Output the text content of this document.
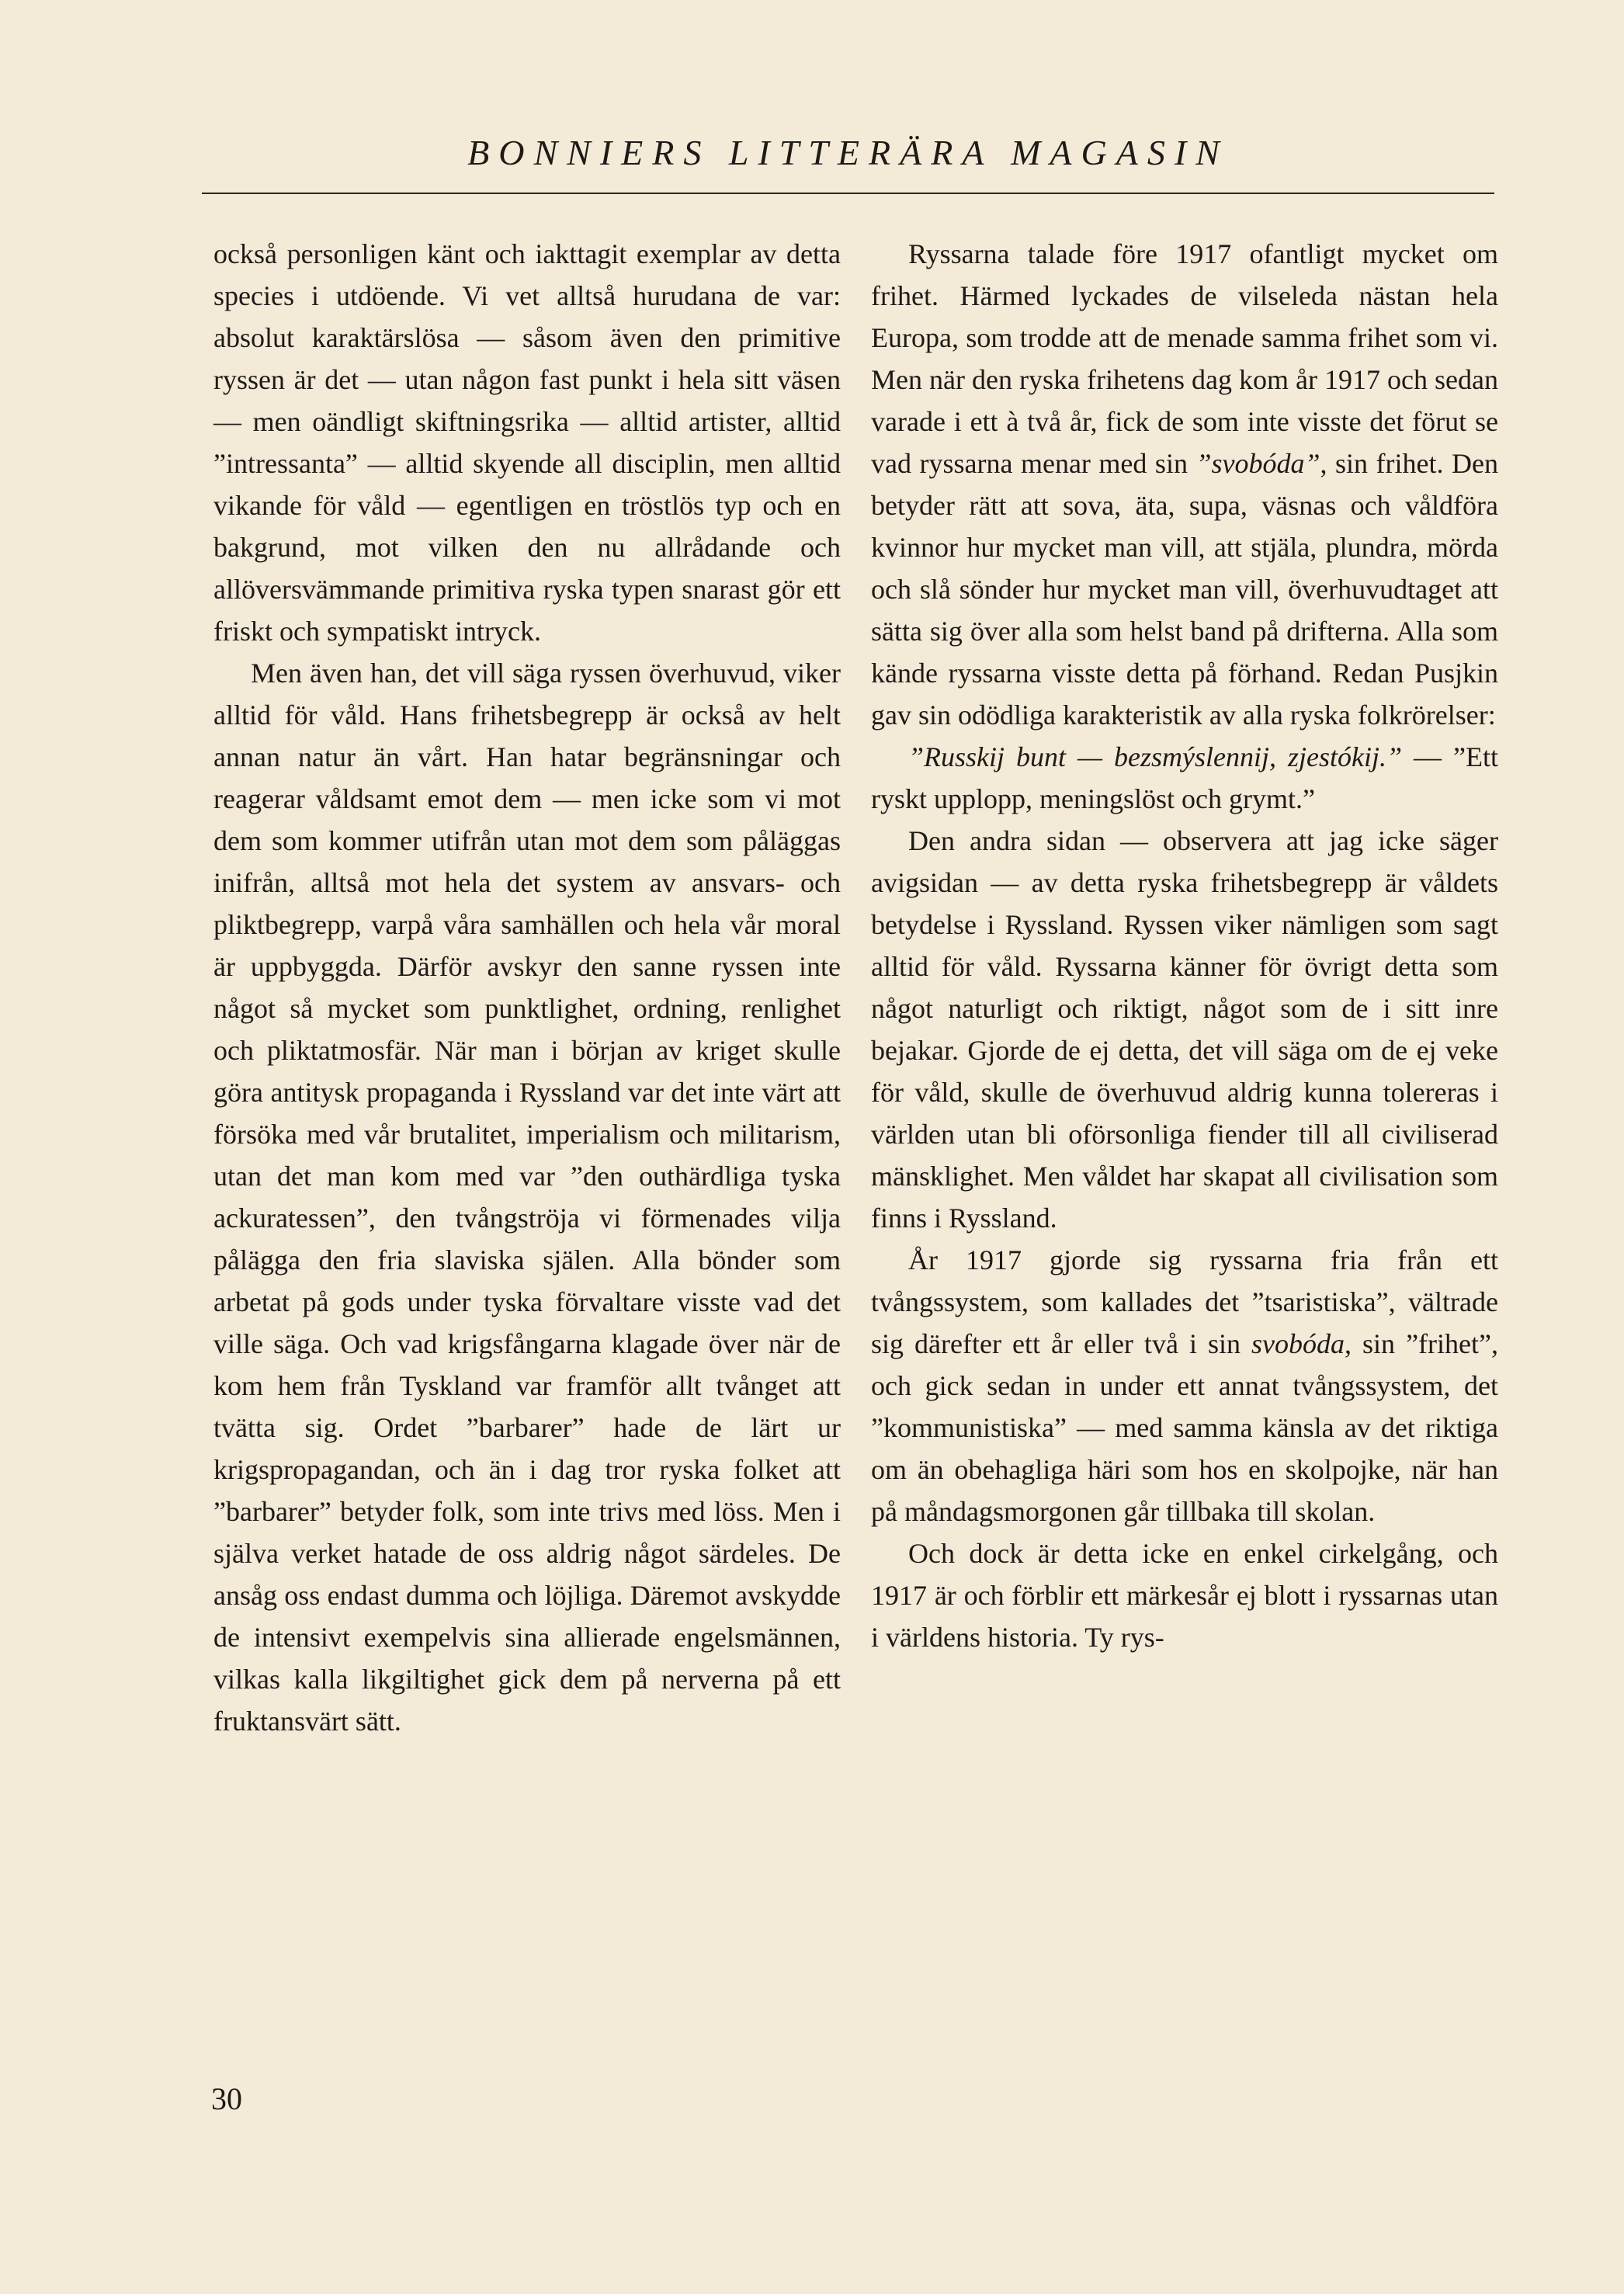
BONNIERS LITTERÄRA MAGASIN

också personligen känt och iakttagit exemplar av detta species i utdöende. Vi vet alltså hurudana de var: absolut karaktärslösa — såsom även den primitive ryssen är det — utan någon fast punkt i hela sitt väsen — men oändligt skiftningsrika — alltid artister, alltid ”intressanta” — alltid skyende all disciplin, men alltid vikande för våld — egentligen en tröstlös typ och en bakgrund, mot vilken den nu allrådande och allöversvämmande primitiva ryska typen snarast gör ett friskt och sympatiskt intryck.

Men även han, det vill säga ryssen överhuvud, viker alltid för våld. Hans frihetsbegrepp är också av helt annan natur än vårt. Han hatar begränsningar och reagerar våldsamt emot dem — men icke som vi mot dem som kommer utifrån utan mot dem som påläggas inifrån, alltså mot hela det system av ansvars- och pliktbegrepp, varpå våra samhällen och hela vår moral är uppbyggda. Därför avskyr den sanne ryssen inte något så mycket som punktlighet, ordning, renlighet och pliktatmosfär. När man i början av kriget skulle göra antitysk propaganda i Ryssland var det inte värt att försöka med vår brutalitet, imperialism och militarism, utan det man kom med var ”den outhärdliga tyska ackuratessen”, den tvångströja vi förmenades vilja pålägga den fria slaviska själen. Alla bönder som arbetat på gods under tyska förvaltare visste vad det ville säga. Och vad krigsfångarna klagade över när de kom hem från Tyskland var framför allt tvånget att tvätta sig. Ordet ”barbarer” hade de lärt ur krigspropagandan, och än i dag tror ryska folket att ”barbarer” betyder folk, som inte trivs med löss. Men i själva verket hatade de oss aldrig något särdeles. De ansåg oss endast dumma och löjliga. Däremot avskydde de intensivt exempelvis sina allierade engelsmännen, vilkas kalla likgiltighet gick dem på nerverna på ett fruktansvärt sätt.

Ryssarna talade före 1917 ofantligt mycket om frihet. Härmed lyckades de vilseleda nästan hela Europa, som trodde att de menade samma frihet som vi. Men när den ryska frihetens dag kom år 1917 och sedan varade i ett à två år, fick de som inte visste det förut se vad ryssarna menar med sin ”svobóda”, sin frihet. Den betyder rätt att sova, äta, supa, väsnas och våldföra kvinnor hur mycket man vill, att stjäla, plundra, mörda och slå sönder hur mycket man vill, överhuvudtaget att sätta sig över alla som helst band på drifterna. Alla som kände ryssarna visste detta på förhand. Redan Pusjkin gav sin odödliga karakteristik av alla ryska folkrörelser:

”Russkij bunt — bezsmýslennij, zjestókij.” — ”Ett ryskt upplopp, meningslöst och grymt.”

Den andra sidan — observera att jag icke säger avigsidan — av detta ryska frihetsbegrepp är våldets betydelse i Ryssland. Ryssen viker nämligen som sagt alltid för våld. Ryssarna känner för övrigt detta som något naturligt och riktigt, något som de i sitt inre bejakar. Gjorde de ej detta, det vill säga om de ej veke för våld, skulle de överhuvud aldrig kunna tolereras i världen utan bli oförsonliga fiender till all civiliserad mänsklighet. Men våldet har skapat all civilisation som finns i Ryssland.

År 1917 gjorde sig ryssarna fria från ett tvångssystem, som kallades det ”tsaristiska”, vältrade sig därefter ett år eller två i sin svobóda, sin ”frihet”, och gick sedan in under ett annat tvångssystem, det ”kommunistiska” — med samma känsla av det riktiga om än obehagliga häri som hos en skolpojke, när han på måndagsmorgonen går tillbaka till skolan.

Och dock är detta icke en enkel cirkelgång, och 1917 är och förblir ett märkesår ej blott i ryssarnas utan i världens historia. Ty rys-

30
